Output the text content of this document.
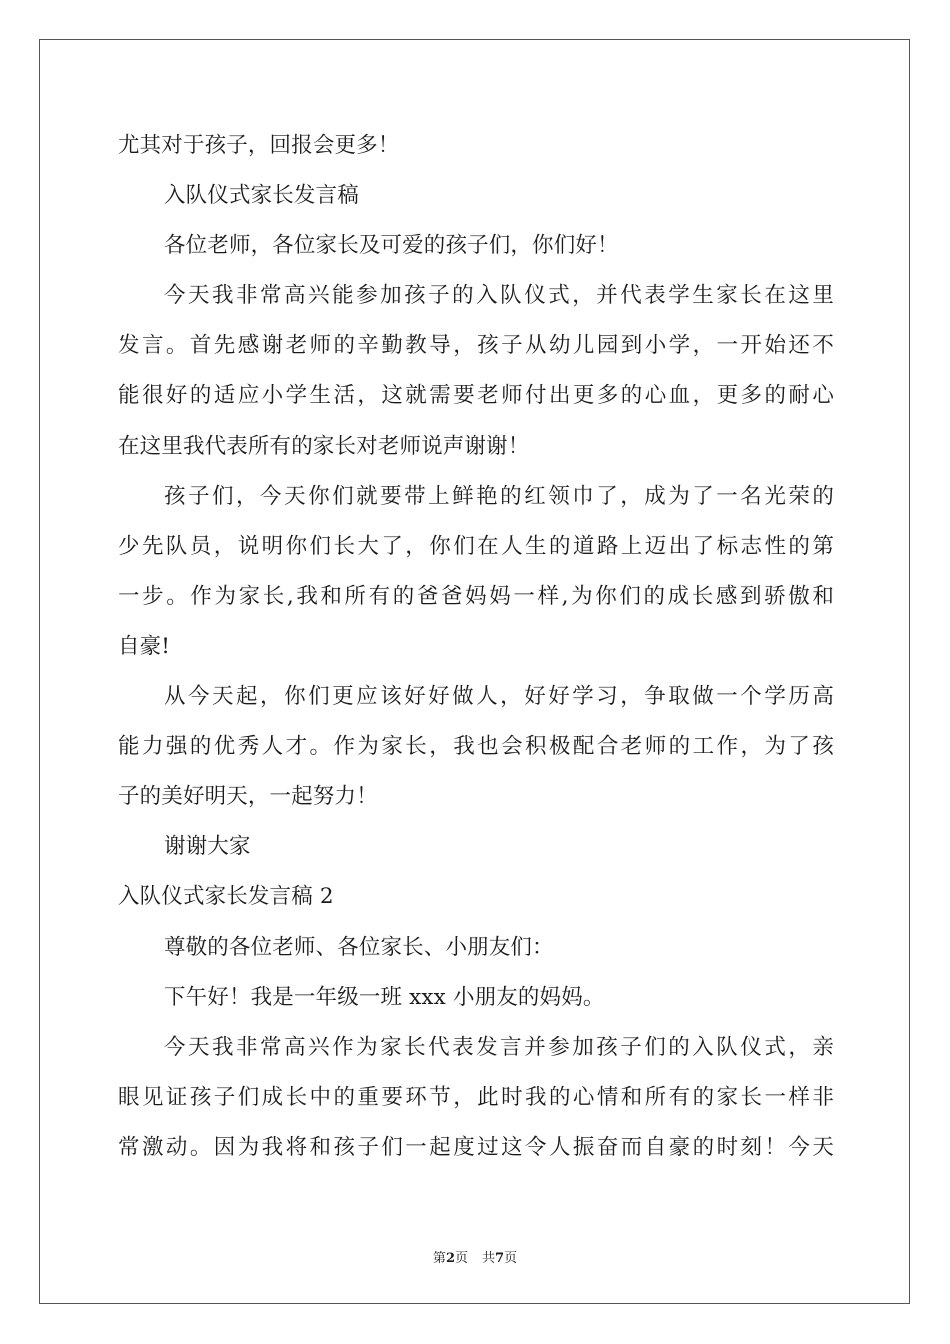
尤其对于孩子，回报会更多！
入队仪式家长发言稿
各位老师，各位家长及可爱的孩子们，你们好！
今天我非常高兴能参加孩子的入队仪式，并代表学生家长在这里
发言。首先感谢老师的辛勤教导，孩子从幼儿园到小学，一开始还不
能很好的适应小学生活，这就需要老师付出更多的心血，更多的耐心
在这里我代表所有的家长对老师说声谢谢！
孩子们，今天你们就要带上鲜艳的红领巾了，成为了一名光荣的
少先队员，说明你们长大了，你们在人生的道路上迈出了标志性的第
一步。作为家长,我和所有的爸爸妈妈一样,为你们的成长感到骄傲和
自豪!
从今天起，你们更应该好好做人，好好学习，争取做一个学历高
能力强的优秀人才。作为家长，我也会积极配合老师的工作，为了孩
子的美好明天，一起努力！
谢谢大家
入队仪式家长发言稿 2
尊敬的各位老师、各位家长、小朋友们：
下午好！我是一年级一班 xxx 小朋友的妈妈。
今天我非常高兴作为家长代表发言并参加孩子们的入队仪式，亲
眼见证孩子们成长中的重要环节，此时我的心情和所有的家长一样非
常激动。因为我将和孩子们一起度过这令人振奋而自豪的时刻！今天
第2页 共7页
